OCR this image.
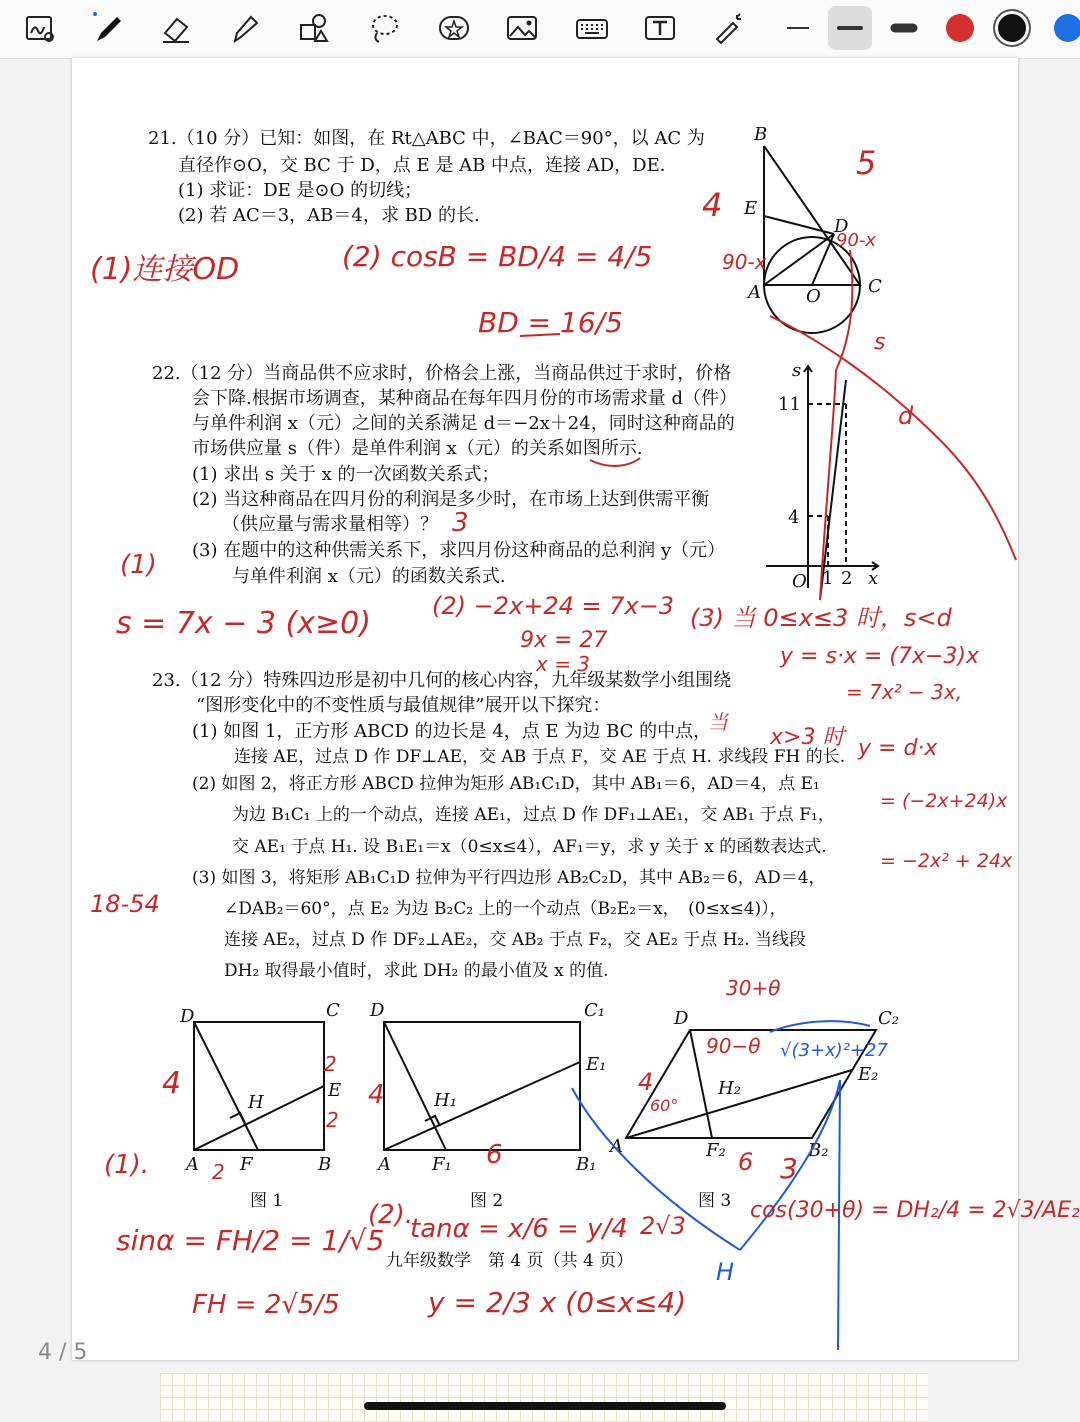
21.（10 分）已知：如图，在 Rt△ABC 中，∠BAC＝90°，以 AC 为
直径作⊙O，交 BC 于 D，点 E 是 AB 中点，连接 AD，DE．
(1) 求证：DE 是⊙O 的切线；
(2) 若 AC＝3，AB＝4，求 BD 的长.
22.（12 分）当商品供不应求时，价格会上涨，当商品供过于求时，价格
会下降.根据市场调查，某种商品在每年四月份的市场需求量 d（件）
与单件利润 x（元）之间的关系满足 d＝−2x＋24，同时这种商品的
市场供应量 s（件）是单件利润 x（元）的关系如图所示.
(1) 求出 s 关于 x 的一次函数关系式；
(2) 当这种商品在四月份的利润是多少时，在市场上达到供需平衡
（供应量与需求量相等）？
(3) 在题中的这种供需关系下，求四月份这种商品的总利润 y（元）
与单件利润 x（元）的函数关系式.
23.（12 分）特殊四边形是初中几何的核心内容，九年级某数学小组围绕
“图形变化中的不变性质与最值规律”展开以下探究：
(1) 如图 1，正方形 ABCD 的边长是 4，点 E 为边 BC 的中点，
连接 AE，过点 D 作 DF⊥AE，交 AB 于点 F，交 AE 于点 H. 求线段 FH 的长.
(2) 如图 2，将正方形 ABCD 拉伸为矩形 AB₁C₁D，其中 AB₁＝6，AD＝4，点 E₁
为边 B₁C₁ 上的一个动点，连接 AE₁，过点 D 作 DF₁⊥AE₁，交 AB₁ 于点 F₁，
交 AE₁ 于点 H₁. 设 B₁E₁＝x（0≤x≤4），AF₁＝y，求 y 关于 x 的函数表达式.
(3) 如图 3，将矩形 AB₁C₁D 拉伸为平行四边形 AB₂C₂D，其中 AB₂＝6，AD＝4，
∠DAB₂＝60°，点 E₂ 为边 B₂C₂ 上的一个动点（B₂E₂＝x，　(0≤x≤4)），
连接 AE₂，过点 D 作 DF₂⊥AE₂，交 AB₂ 于点 F₂，交 AE₂ 于点 H₂. 当线段
DH₂ 取得最小值时，求此 DH₂ 的最小值及 x 的值.
九年级数学　第 4 页（共 4 页）
B
E
D
A	O	C
s
11
4
O 1 2 x
D	C
E
H
A F	B
图 1
D	C₁
E₁
H₁
A F₁	B₁
图 2
D	C₂
E₂
H₂
A	F₂	B₂
图 3
(1)连接OD	(2) cosB = BD/4 = 4/5
BD = 16/5
5
4
90-x
s
d
90-x
(1)
s = 7x − 3 (x≥0)	(2) −2x+24 = 7x−3
9x = 27
x = 3
(3) 当 0≤x≤3 时，s<d
y = s·x = (7x−3)x
= 7x² − 3x,
3
当
x>3 时 y = d·x
= (−2x+24)x
= −2x² + 24x
18-54
4
2
2
2
(1).
sinα = FH/2 = 1/√5
FH = 2√5/5
4
6
(2).
tanα = x/6 = y/4
y = 2/3 x (0≤x≤4)
30+θ
90−θ
4
60°
6 3
2√3
cos(30+θ) = DH₂/4 = 2√3/AE₂
√(3+x)²+27
H
4 / 5
